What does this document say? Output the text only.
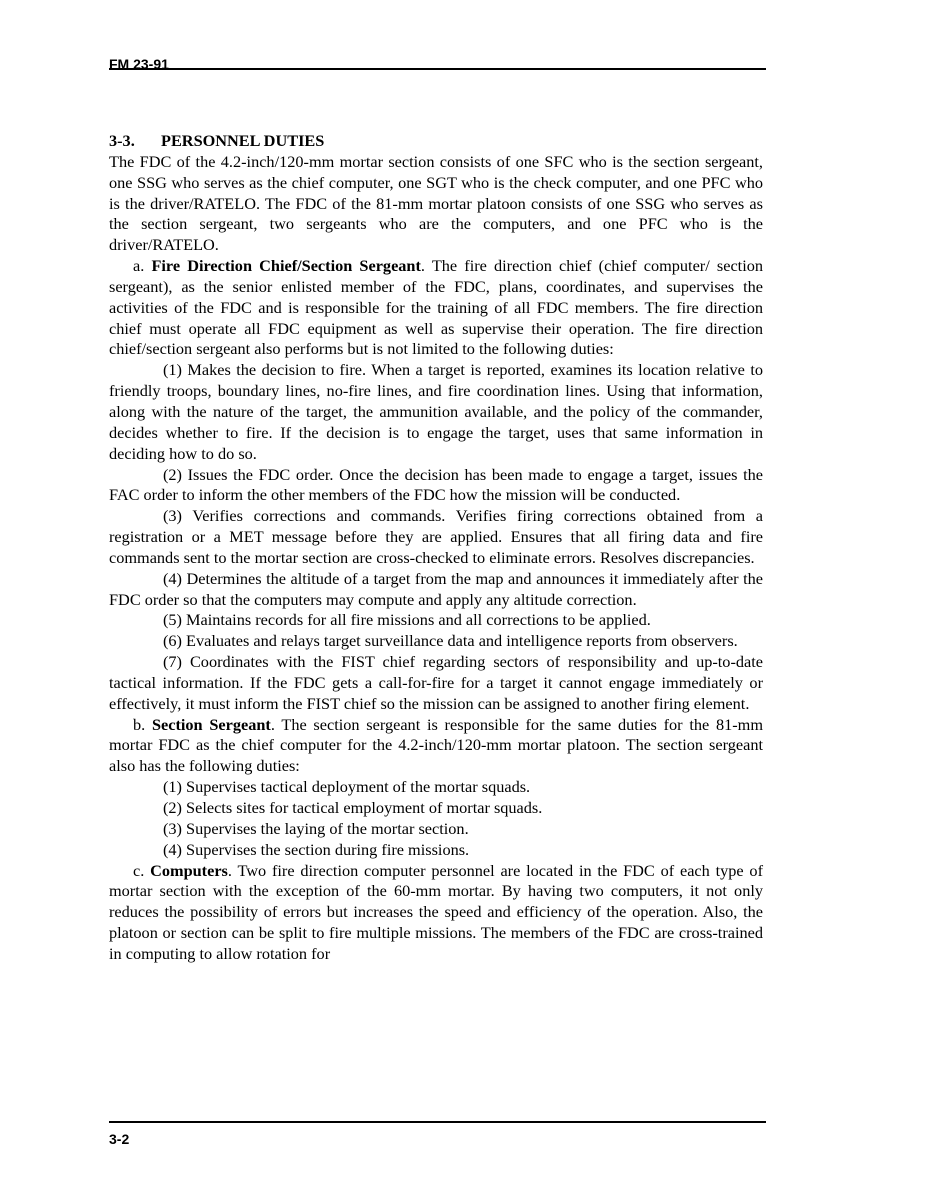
FM 23-91

3-3. PERSONNEL DUTIES

The FDC of the 4.2-inch/120-mm mortar section consists of one SFC who is the section sergeant, one SSG who serves as the chief computer, one SGT who is the check computer, and one PFC who is the driver/RATELO. The FDC of the 81-mm mortar platoon consists of one SSG who serves as the section sergeant, two sergeants who are the computers, and one PFC who is the driver/RATELO.

a. Fire Direction Chief/Section Sergeant. The fire direction chief (chief computer/ section sergeant), as the senior enlisted member of the FDC, plans, coordinates, and supervises the activities of the FDC and is responsible for the training of all FDC members. The fire direction chief must operate all FDC equipment as well as supervise their operation. The fire direction chief/section sergeant also performs but is not limited to the following duties:

(1) Makes the decision to fire. When a target is reported, examines its location relative to friendly troops, boundary lines, no-fire lines, and fire coordination lines. Using that information, along with the nature of the target, the ammunition available, and the policy of the commander, decides whether to fire. If the decision is to engage the target, uses that same information in deciding how to do so.

(2) Issues the FDC order. Once the decision has been made to engage a target, issues the FAC order to inform the other members of the FDC how the mission will be conducted.

(3) Verifies corrections and commands. Verifies firing corrections obtained from a registration or a MET message before they are applied. Ensures that all firing data and fire commands sent to the mortar section are cross-checked to eliminate errors. Resolves discrepancies.

(4) Determines the altitude of a target from the map and announces it immediately after the FDC order so that the computers may compute and apply any altitude correction.

(5) Maintains records for all fire missions and all corrections to be applied.

(6) Evaluates and relays target surveillance data and intelligence reports from observers.

(7) Coordinates with the FIST chief regarding sectors of responsibility and up-to-date tactical information. If the FDC gets a call-for-fire for a target it cannot engage immediately or effectively, it must inform the FIST chief so the mission can be assigned to another firing element.

b. Section Sergeant. The section sergeant is responsible for the same duties for the 81-mm mortar FDC as the chief computer for the 4.2-inch/120-mm mortar platoon. The section sergeant also has the following duties:

(1) Supervises tactical deployment of the mortar squads.

(2) Selects sites for tactical employment of mortar squads.

(3) Supervises the laying of the mortar section.

(4) Supervises the section during fire missions.

c. Computers. Two fire direction computer personnel are located in the FDC of each type of mortar section with the exception of the 60-mm mortar. By having two computers, it not only reduces the possibility of errors but increases the speed and efficiency of the operation. Also, the platoon or section can be split to fire multiple missions. The members of the FDC are cross-trained in computing to allow rotation for

3-2
